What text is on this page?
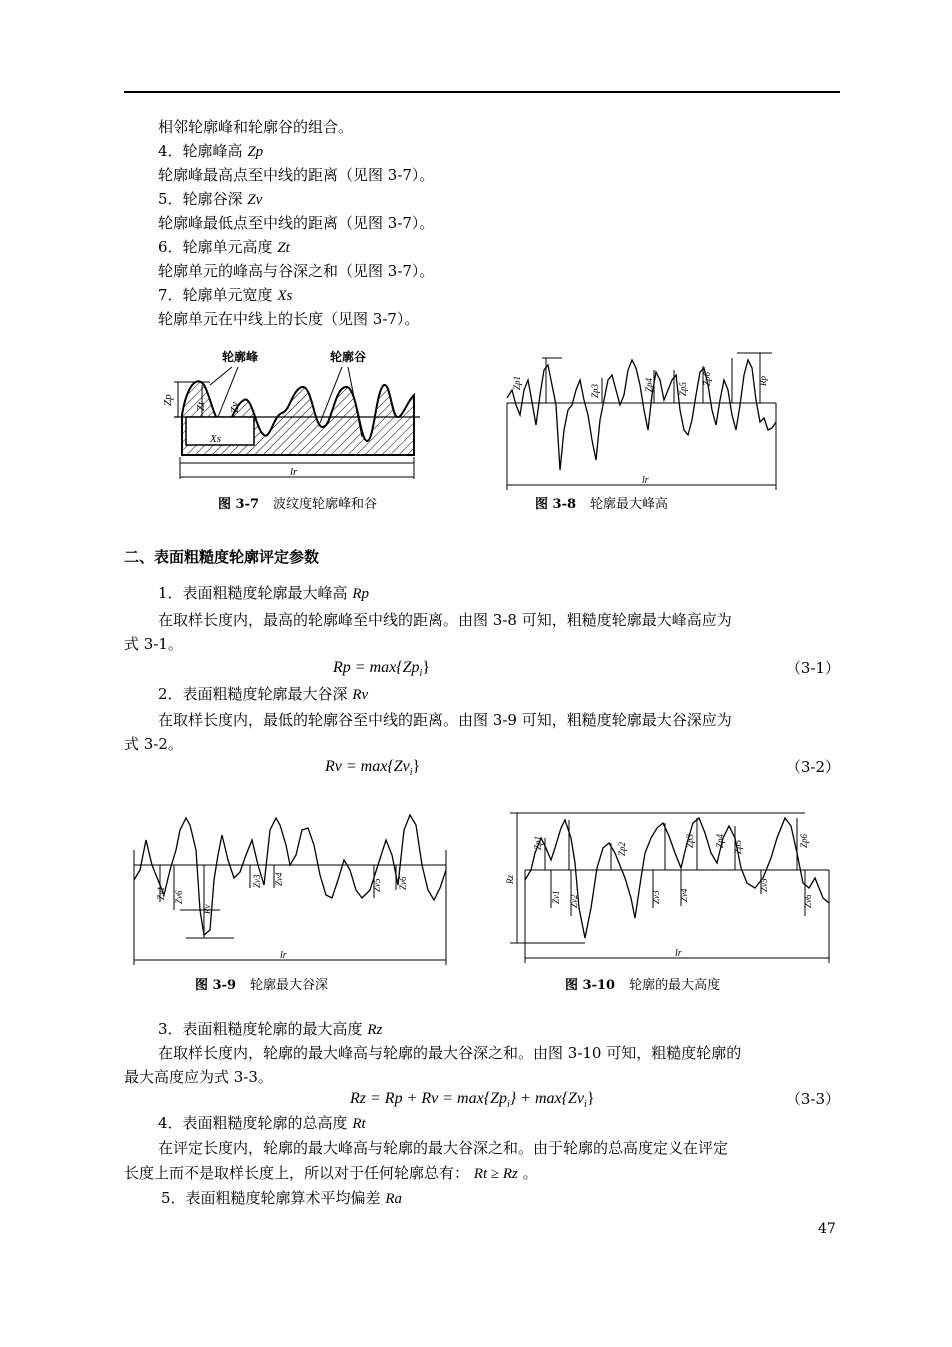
相邻轮廓峰和轮廓谷的组合。
4．轮廓峰高 Zp
轮廓峰最高点至中线的距离（见图 3-7）。
5．轮廓谷深 Zv
轮廓峰最低点至中线的距离（见图 3-7）。
6．轮廓单元高度 Zt
轮廓单元的峰高与谷深之和（见图 3-7）。
7．轮廓单元宽度 Xs
轮廓单元在中线上的长度（见图 3-7）。
轮廓峰	轮廓谷
Zp
Zt Zv
Xs
lr
图 3-7 波纹度轮廓峰和谷
lr
Zp1
Zp3	Zp4	Zp5
Zp6	Rp
图 3-8 轮廓最大峰高
二、表面粗糙度轮廓评定参数
1．表面粗糙度轮廓最大峰高 Rp
在取样长度内，最高的轮廓峰至中线的距离。由图 3-8 可知，粗糙度轮廓最大峰高应为
式 3-1。
$Rp = \max\{Zp_i\}$	（3-1）
2．表面粗糙度轮廓最大谷深 Rv
在取样长度内，最低的轮廓谷至中线的距离。由图 3-9 可知，粗糙度轮廓最大谷深应为
式 3-2。
$Rv = \max\{Zv_i\}$	（3-2）
lr
Zv1 Zv6
Rv
Zv3 Zv4	Zv5 Zv6
图 3-9 轮廓最大谷深
lr
Zp1	Zp2
Zp3 Zp4 Zp5	Zp6
Zv1 Zv2	Zv3 Zv4
Zv5
Zv6
Rz
图 3-10 轮廓的最大高度
3．表面粗糙度轮廓的最大高度 Rz
在取样长度内，轮廓的最大峰高与轮廓的最大谷深之和。由图 3-10 可知，粗糙度轮廓的
最大高度应为式 3-3。
$Rz = Rp + Rv = \max\{Zp_i\} + \max\{Zv_i\}$	（3-3）
4．表面粗糙度轮廓的总高度 Rt
在评定长度内，轮廓的最大峰高与轮廓的最大谷深之和。由于轮廓的总高度定义在评定
长度上而不是取样长度上，所以对于任何轮廓总有： Rt ≥ Rz 。
5．表面粗糙度轮廓算术平均偏差 Ra
47
